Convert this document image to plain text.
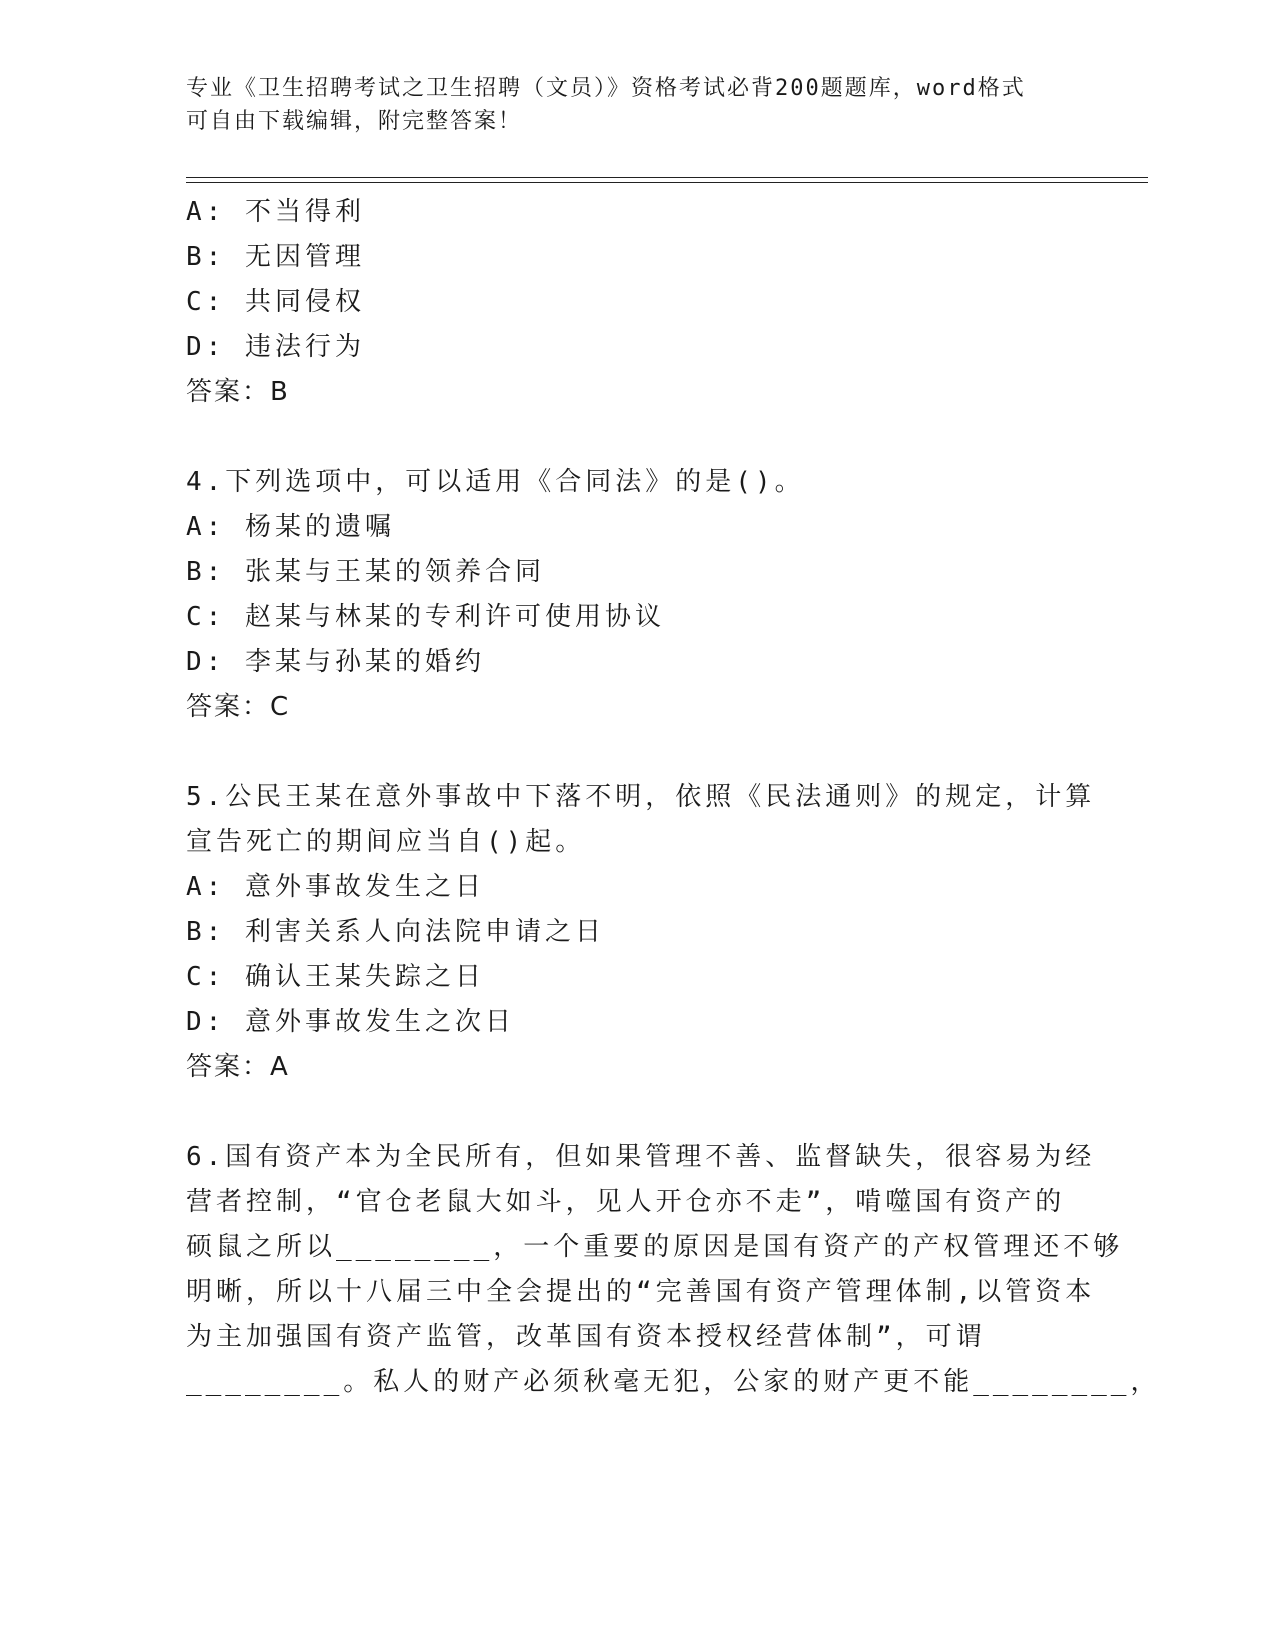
专业《卫生招聘考试之卫生招聘（文员）》资格考试必背200题题库，word格式
可自由下载编辑，附完整答案！
A: 不当得利
B: 无因管理
C: 共同侵权
D: 违法行为
答案：B
4.下列选项中，可以适用《合同法》的是()。
A: 杨某的遗嘱
B: 张某与王某的领养合同
C: 赵某与林某的专利许可使用协议
D: 李某与孙某的婚约
答案：C
5.公民王某在意外事故中下落不明，依照《民法通则》的规定，计算
宣告死亡的期间应当自()起。
A: 意外事故发生之日
B: 利害关系人向法院申请之日
C: 确认王某失踪之日
D: 意外事故发生之次日
答案：A
6.国有资产本为全民所有，但如果管理不善、监督缺失，很容易为经
营者控制，“官仓老鼠大如斗，见人开仓亦不走”，啃噬国有资产的
硕鼠之所以________，一个重要的原因是国有资产的产权管理还不够
明晰，所以十八届三中全会提出的“完善国有资产管理体制,以管资本
为主加强国有资产监管，改革国有资本授权经营体制”，可谓
________。私人的财产必须秋毫无犯，公家的财产更不能________，
